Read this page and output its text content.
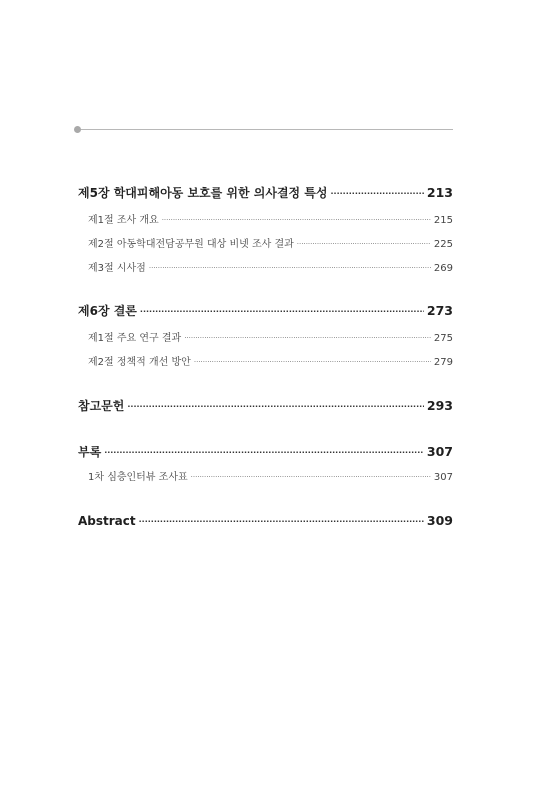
제5장 학대피해아동 보호를 위한 의사결정 특성 ·····	213
제1절 조사 개요 ·····	215
제2절 아동학대전담공무원 대상 비넷 조사 결과 ·····	225
제3절 시사점 ·····	269
제6장 결론 ·····	273
제1절 주요 연구 결과 ·····	275
제2절 정책적 개선 방안 ·····	279
참고문헌 ·····	293
부록 ·····	307
1차 심층인터뷰 조사표 ·····	307
Abstract ·····	309
